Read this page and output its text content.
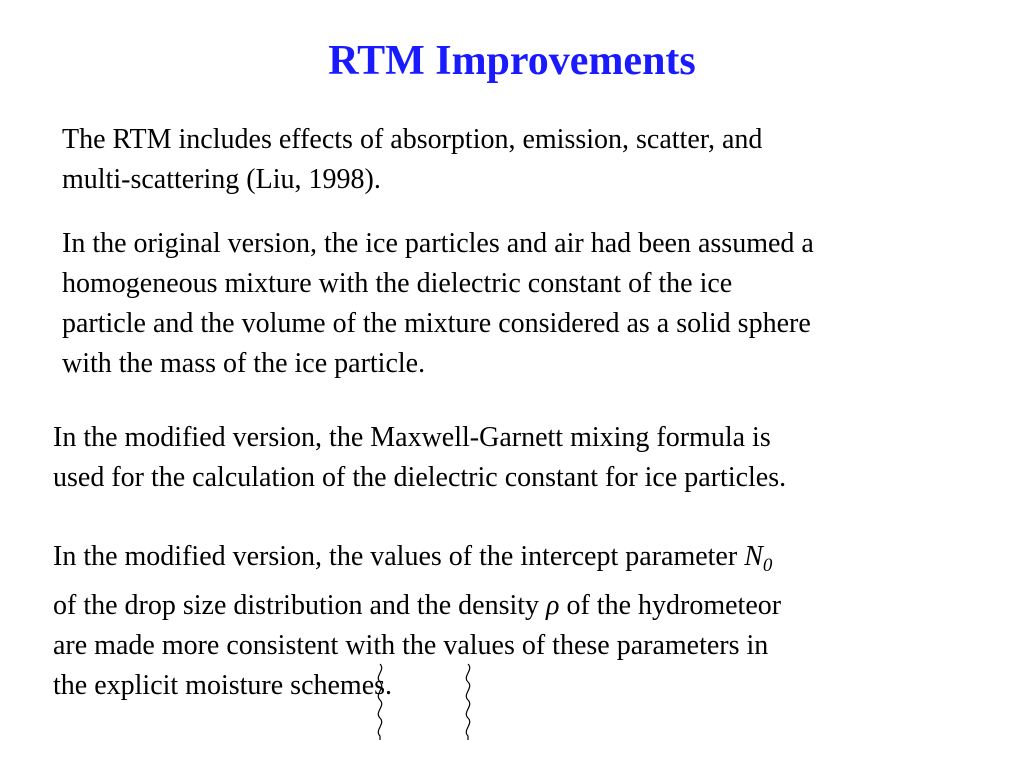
RTM Improvements
The RTM includes effects of absorption, emission, scatter, and
multi-scattering (Liu, 1998).
In the original version, the ice particles and air had been assumed a
homogeneous mixture with the dielectric constant of the ice
particle and the volume of the mixture considered as a solid sphere
with the mass of the ice particle.
In the modified version, the Maxwell-Garnett mixing formula is
used for the calculation of the dielectric constant for ice particles.
In the modified version, the values of the intercept parameter $N_0$
of the drop size distribution and the density ρ of the hydrometeor
are made more consistent with the values of these parameters in
the explicit moisture schemes.
